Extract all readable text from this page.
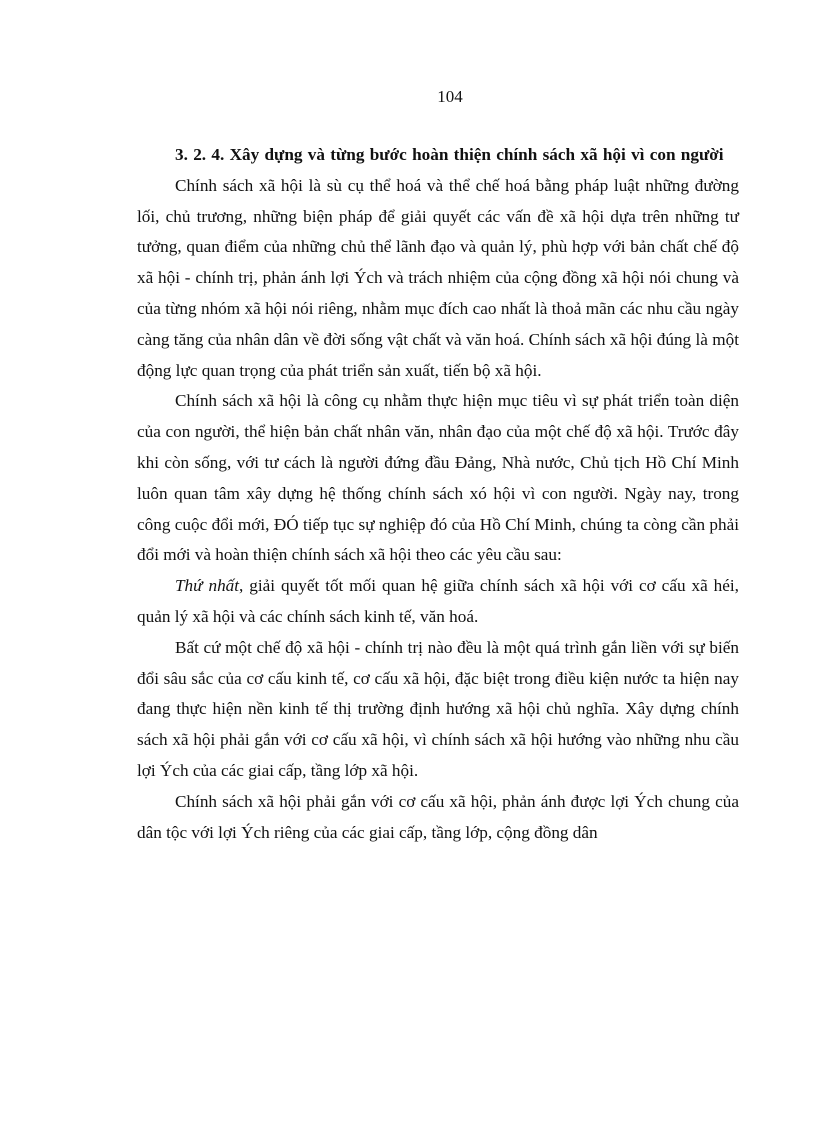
104

3. 2. 4. Xây dựng và từng bước hoàn thiện chính sách xã hội vì con người

Chính sách xã hội là sù cụ thể hoá và thể chế hoá bằng pháp luật những đường lối, chủ trương, những biện pháp để giải quyết các vấn đề xã hội dựa trên những tư tưởng, quan điểm của những chủ thể lãnh đạo và quản lý, phù hợp với bản chất chế độ xã hội - chính trị, phản ánh lợi Ých và trách nhiệm của cộng đồng xã hội nói chung và của từng nhóm xã hội nói riêng, nhằm mục đích cao nhất là thoả mãn các nhu cầu ngày càng tăng của nhân dân về đời sống vật chất và văn hoá. Chính sách xã hội đúng là một động lực quan trọng của phát triển sản xuất, tiến bộ xã hội.

Chính sách xã hội là công cụ nhằm thực hiện mục tiêu vì sự phát triển toàn diện của con người, thể hiện bản chất nhân văn, nhân đạo của một chế độ xã hội. Trước đây khi còn sống, với tư cách là người đứng đầu Đảng, Nhà nước, Chủ tịch Hồ Chí Minh luôn quan tâm xây dựng hệ thống chính sách xó hội vì con người. Ngày nay, trong công cuộc đổi mới, ĐÓ tiếp tục sự nghiệp đó của Hồ Chí Minh, chúng ta còng cần phải đổi mới và hoàn thiện chính sách xã hội theo các yêu cầu sau:

Thứ nhất, giải quyết tốt mối quan hệ giữa chính sách xã hội với cơ cấu xã héi, quản lý xã hội và các chính sách kinh tế, văn hoá.

Bất cứ một chế độ xã hội - chính trị nào đều là một quá trình gắn liền với sự biến đổi sâu sắc của cơ cấu kinh tế, cơ cấu xã hội, đặc biệt trong điều kiện nước ta hiện nay đang thực hiện nền kinh tế thị trường định hướng xã hội chủ nghĩa. Xây dựng chính sách xã hội phải gắn với cơ cấu xã hội, vì chính sách xã hội hướng vào những nhu cầu lợi Ých của các giai cấp, tầng lớp xã hội.

Chính sách xã hội phải gắn với cơ cấu xã hội, phản ánh được lợi Ých chung của dân tộc với lợi Ých riêng của các giai cấp, tầng lớp, cộng đồng dân
